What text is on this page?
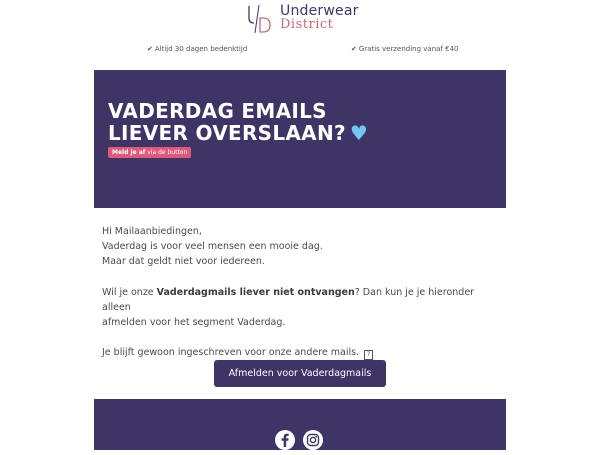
Underwear
District
✔ Altijd 30 dagen bedenktijd	✔ Gratis verzending vanaf €40
VADERDAG EMAILS
LIEVER OVERSLAAN? ♥
Meld je af via de button

Hi Mailaanbiedingen,

Vaderdag is voor veel mensen een mooie dag.

Maar dat geldt niet voor iedereen.

Wil je onze Vaderdagmails liever niet ontvangen? Dan kun je je hieronder alleen

afmelden voor het segment Vaderdag.

Je blijft gewoon ingeschreven voor onze andere mails. ?

Afmelden voor Vaderdagmails
